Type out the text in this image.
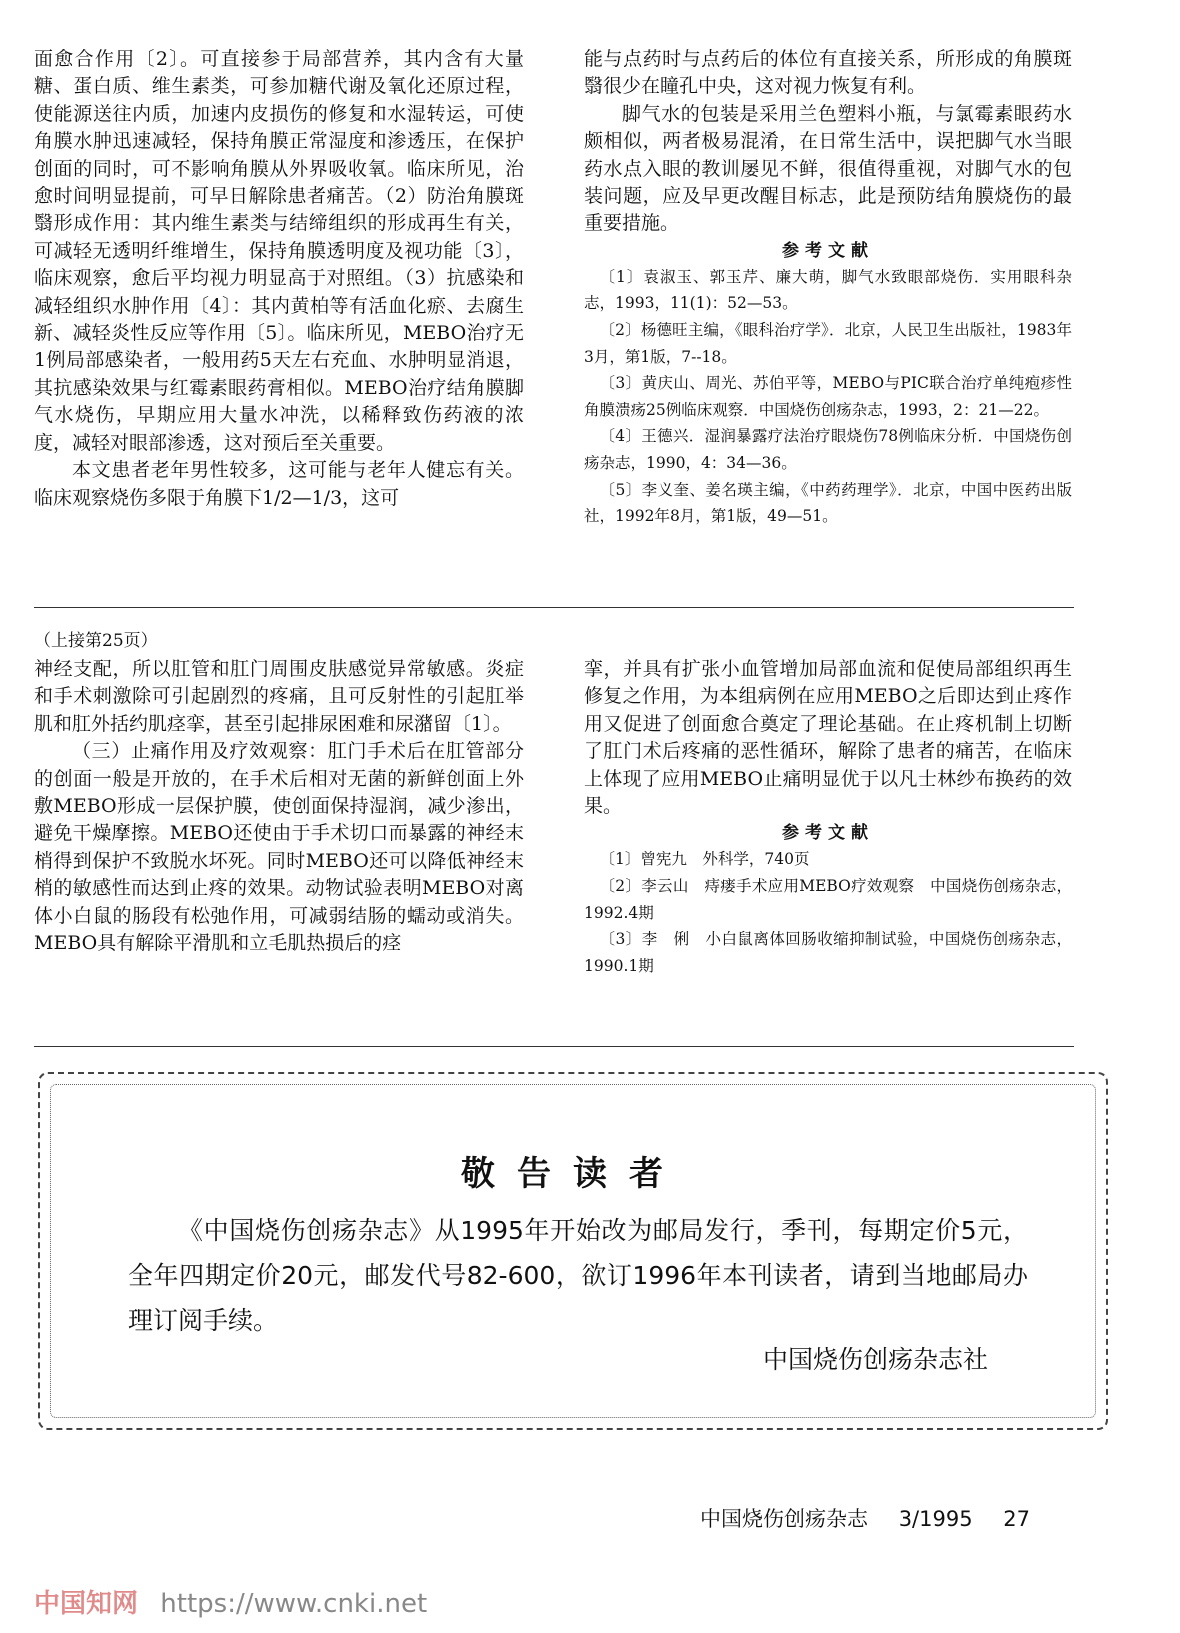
面愈合作用〔2〕。可直接参于局部营养，其内含有大量糖、蛋白质、维生素类，可参加糖代谢及氧化还原过程，使能源送往内质，加速内皮损伤的修复和水湿转运，可使角膜水肿迅速减轻，保持角膜正常湿度和渗透压，在保护创面的同时，可不影响角膜从外界吸收氧。临床所见，治愈时间明显提前，可早日解除患者痛苦。（2）防治角膜斑翳形成作用：其内维生素类与结缔组织的形成再生有关，可减轻无透明纤维增生，保持角膜透明度及视功能〔3〕，临床观察，愈后平均视力明显高于对照组。（3）抗感染和减轻组织水肿作用〔4〕：其内黄柏等有活血化瘀、去腐生新、减轻炎性反应等作用〔5〕。临床所见，MEBO治疗无1例局部感染者，一般用药5天左右充血、水肿明显消退，其抗感染效果与红霉素眼药膏相似。MEBO治疗结角膜脚气水烧伤，早期应用大量水冲洗，以稀释致伤药液的浓度，减轻对眼部渗透，这对预后至关重要。

本文患者老年男性较多，这可能与老年人健忘有关。临床观察烧伤多限于角膜下1/2—1/3，这可

能与点药时与点药后的体位有直接关系，所形成的角膜斑翳很少在瞳孔中央，这对视力恢复有利。

脚气水的包装是采用兰色塑料小瓶，与氯霉素眼药水颇相似，两者极易混淆，在日常生活中，误把脚气水当眼药水点入眼的教训屡见不鲜，很值得重视，对脚气水的包装问题，应及早更改醒目标志，此是预防结角膜烧伤的最重要措施。

参考文献

〔1〕袁淑玉、郭玉芹、廉大萌，脚气水致眼部烧伤．实用眼科杂志，1993，11(1)：52—53。

〔2〕杨德旺主编，《眼科治疗学》．北京，人民卫生出版社，1983年3月，第1版，7--18。

〔3〕黄庆山、周光、苏伯平等，MEBO与PIC联合治疗单纯疱疹性角膜溃疡25例临床观察．中国烧伤创疡杂志，1993，2：21—22。

〔4〕王德兴．湿润暴露疗法治疗眼烧伤78例临床分析．中国烧伤创疡杂志，1990，4：34—36。

〔5〕李义奎、姜名瑛主编，《中药药理学》．北京，中国中医药出版社，1992年8月，第1版，49—51。

（上接第25页）

神经支配，所以肛管和肛门周围皮肤感觉异常敏感。炎症和手术刺激除可引起剧烈的疼痛，且可反射性的引起肛举肌和肛外括约肌痉挛，甚至引起排尿困难和尿潴留〔1〕。

（三）止痛作用及疗效观察：肛门手术后在肛管部分的创面一般是开放的，在手术后相对无菌的新鲜创面上外敷MEBO形成一层保护膜，使创面保持湿润，减少渗出，避免干燥摩擦。MEBO还使由于手术切口而暴露的神经末梢得到保护不致脱水坏死。同时MEBO还可以降低神经末梢的敏感性而达到止疼的效果。动物试验表明MEBO对离体小白鼠的肠段有松弛作用，可减弱结肠的蠕动或消失。MEBO具有解除平滑肌和立毛肌热损后的痉

挛，并具有扩张小血管增加局部血流和促使局部组织再生修复之作用，为本组病例在应用MEBO之后即达到止疼作用又促进了创面愈合奠定了理论基础。在止疼机制上切断了肛门术后疼痛的恶性循环，解除了患者的痛苦，在临床上体现了应用MEBO止痛明显优于以凡士林纱布换药的效果。

参考文献

〔1〕曾宪九　外科学，740页

〔2〕李云山　痔瘘手术应用MEBO疗效观察　中国烧伤创疡杂志，1992.4期

〔3〕李　俐　小白鼠离体回肠收缩抑制试验，中国烧伤创疡杂志，1990.1期

敬告读者

《中国烧伤创疡杂志》从1995年开始改为邮局发行，季刊，每期定价5元，全年四期定价20元，邮发代号82-600，欲订1996年本刊读者，请到当地邮局办理订阅手续。

中国烧伤创疡杂志社
中国烧伤创疡杂志 3/1995 27
中国知网 https://www.cnki.net
